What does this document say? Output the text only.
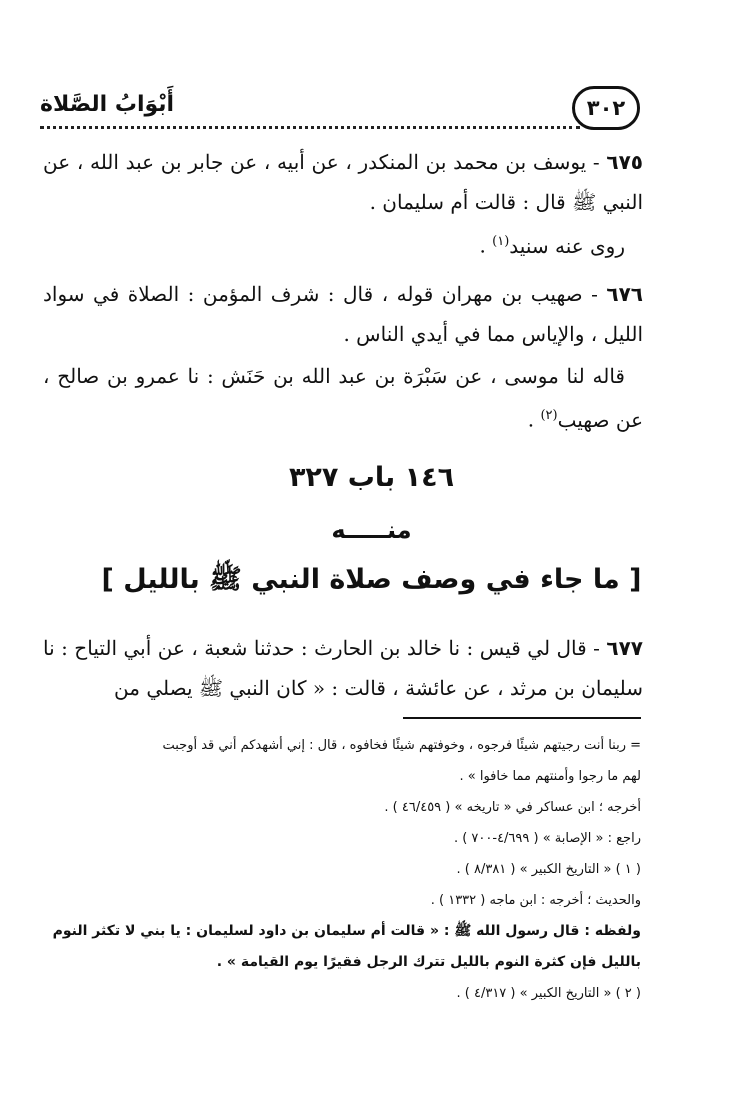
٣٠٢
أَبْوَابُ الصَّلاة
٦٧٥ - يوسف بن محمد بن المنكدر ، عن أبيه ، عن جابر بن عبد الله ، عن النبي ﷺ قال : قالت أم سليمان .
روى عنه سنيد$^{(١)}$ .
٦٧٦ - صهيب بن مهران قوله ، قال : شرف المؤمن : الصلاة في سواد الليل ، والإياس مما في أيدي الناس .
قاله لنا موسى ، عن سَبْرَة بن عبد الله بن حَنَش : نا عمرو بن صالح ، عن صهيب$^{(٢)}$ .
١٤٦ باب ٣٢٧
منـــــه
[ ما جاء في وصف صلاة النبي ﷺ بالليل ]
٦٧٧ - قال لي قيس : نا خالد بن الحارث : حدثنا شعبة ، عن أبي التياح : نا سليمان بن مرثد ، عن عائشة ، قالت : « كان النبي ﷺ يصلي من
= ربنا أنت رجيتهم شيئًا فرجوه ، وخوفتهم شيئًا فخافوه ، قال : إني أشهدكم أني قد أوجبت
لهم ما رجوا وأمنتهم مما خافوا » .
أخرجه ؛ ابن عساكر في « تاريخه » ( ٤٦/٤٥٩ ) .
راجع : « الإصابة » ( ٤/٦٩٩-٧٠٠ ) .
( ١ ) « التاريخ الكبير » ( ٨/٣٨١ ) .
والحديث ؛ أخرجه : ابن ماجه ( ١٣٣٢ ) .
ولفظه : قال رسول الله ﷺ : « قالت أم سليمان بن داود لسليمان : يا بني لا تكثر النوم
بالليل فإن كثرة النوم بالليل تترك الرجل فقيرًا يوم القيامة » .
( ٢ ) « التاريخ الكبير » ( ٤/٣١٧ ) .
